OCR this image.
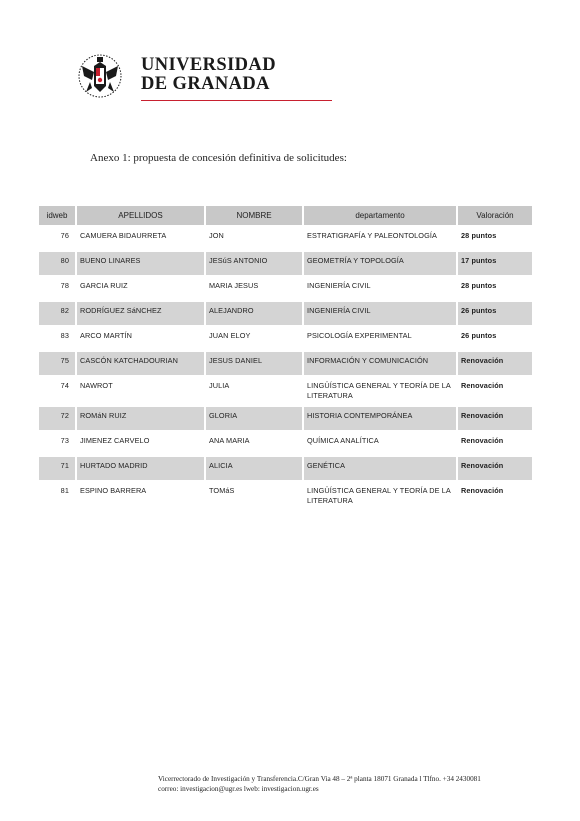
UNIVERSIDAD
DE GRANADA
Anexo 1: propuesta de concesión definitiva de solicitudes:
idweb	APELLIDOS	NOMBRE	departamento	Valoración
76	CAMUERA BIDAURRETA	JON	ESTRATIGRAFÍA Y PALEONTOLOGÍA	28 puntos
80	BUENO LINARES	JESúS ANTONIO	GEOMETRÍA Y TOPOLOGÍA	17 puntos
78	GARCIA RUIZ	MARIA JESUS	INGENIERÍA CIVIL	28 puntos
82	RODRÍGUEZ SáNCHEZ	ALEJANDRO	INGENIERÍA CIVIL	26 puntos
83	ARCO MARTÍN	JUAN ELOY	PSICOLOGÍA EXPERIMENTAL	26 puntos
75	CASCÓN KATCHADOURIAN	JESUS DANIEL	INFORMACIÓN Y COMUNICACIÓN	Renovación
74	NAWROT	JULIA	LINGÜÍSTICA GENERAL Y TEORÍA DE LA LITERATURA	Renovación
72	ROMáN RUIZ	GLORIA	HISTORIA CONTEMPORÁNEA	Renovación
73	JIMENEZ CARVELO	ANA MARIA	QUÍMICA ANALÍTICA	Renovación
71	HURTADO MADRID	ALICIA	GENÉTICA	Renovación
81	ESPINO BARRERA	TOMáS	LINGÜÍSTICA GENERAL Y TEORÍA DE LA LITERATURA	Renovación
Vicerrectorado de Investigación y Transferencia.C/Gran Via 48 – 2ª planta 18071 Granada l Tlfno. +34 2430081
correo: investigacion@ugr.es lweb: investigacion.ugr.es
